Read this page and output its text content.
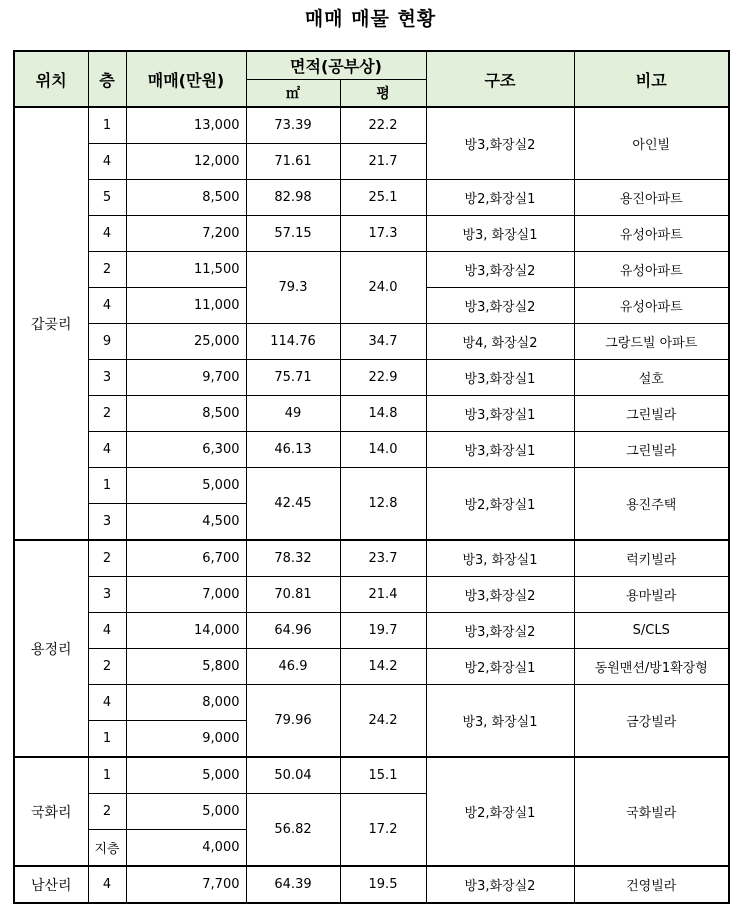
매매 매물 현황
위치	층	매매(만원)	면적(공부상)		구조	비고
			㎡	평		
갑곶리	1	13,000	73.39	22.2	방3,화장실2	아인빌
	4	12,000	71.61	21.7		
	5	8,500	82.98	25.1	방2,화장실1	용진아파트
	4	7,200	57.15	17.3	방3, 화장실1	유성아파트
	2	11,500	79.3	24.0	방3,화장실2	유성아파트
	4	11,000			방3,화장실2	유성아파트
	9	25,000	114.76	34.7	방4, 화장실2	그랑드빌 아파트
	3	9,700	75.71	22.9	방3,화장실1	설호
	2	8,500	49	14.8	방3,화장실1	그린빌라
	4	6,300	46.13	14.0	방3,화장실1	그린빌라
	1	5,000	42.45	12.8	방2,화장실1	용진주택
	3	4,500				
용정리	2	6,700	78.32	23.7	방3, 화장실1	럭키빌라
	3	7,000	70.81	21.4	방3,화장실2	용마빌라
	4	14,000	64.96	19.7	방3,화장실2	S/CLS
	2	5,800	46.9	14.2	방2,화장실1	동원맨션/방1확장형
	4	8,000	79.96	24.2	방3, 화장실1	금강빌라
	1	9,000				
국화리	1	5,000	50.04	15.1	방2,화장실1	국화빌라
	2	5,000	56.82	17.2		
	지층	4,000				
남산리	4	7,700	64.39	19.5	방3,화장실2	건영빌라
